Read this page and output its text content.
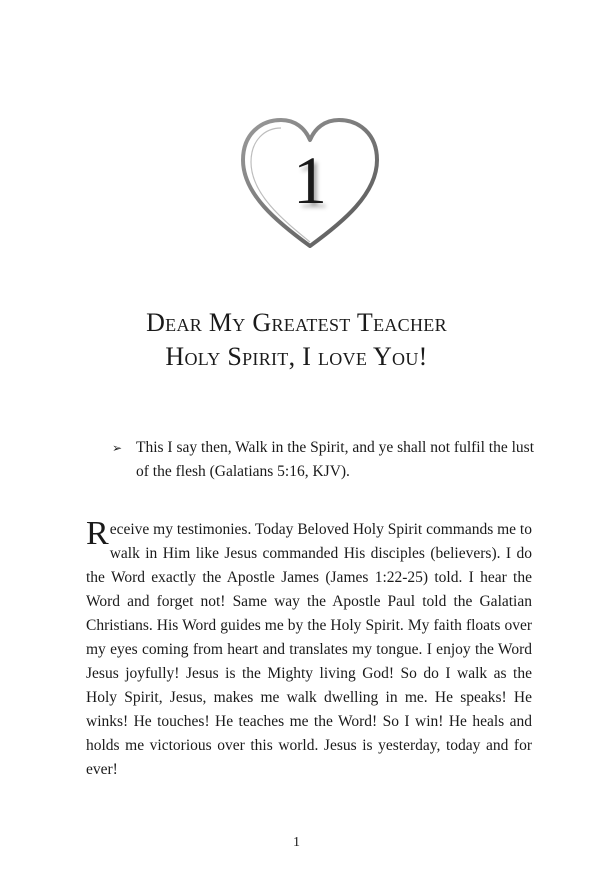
1
Dear My Greatest Teacher
Holy Spirit, I love You!
➢ This I say then, Walk in the Spirit, and ye shall not fulfil the lust of the flesh (Galatians 5:16, KJV).
Receive my testimonies. Today Beloved Holy Spirit commands me to walk in Him like Jesus commanded His disciples (believers). I do the Word exactly the Apostle James (James 1:22-25) told. I hear the Word and forget not! Same way the Apostle Paul told the Galatian Christians. His Word guides me by the Holy Spirit. My faith floats over my eyes coming from heart and translates my tongue. I enjoy the Word Jesus joyfully! Jesus is the Mighty living God! So do I walk as the Holy Spirit, Jesus, makes me walk dwelling in me. He speaks! He winks! He touches! He teaches me the Word! So I win! He heals and holds me victorious over this world. Jesus is yesterday, today and for ever!
1
